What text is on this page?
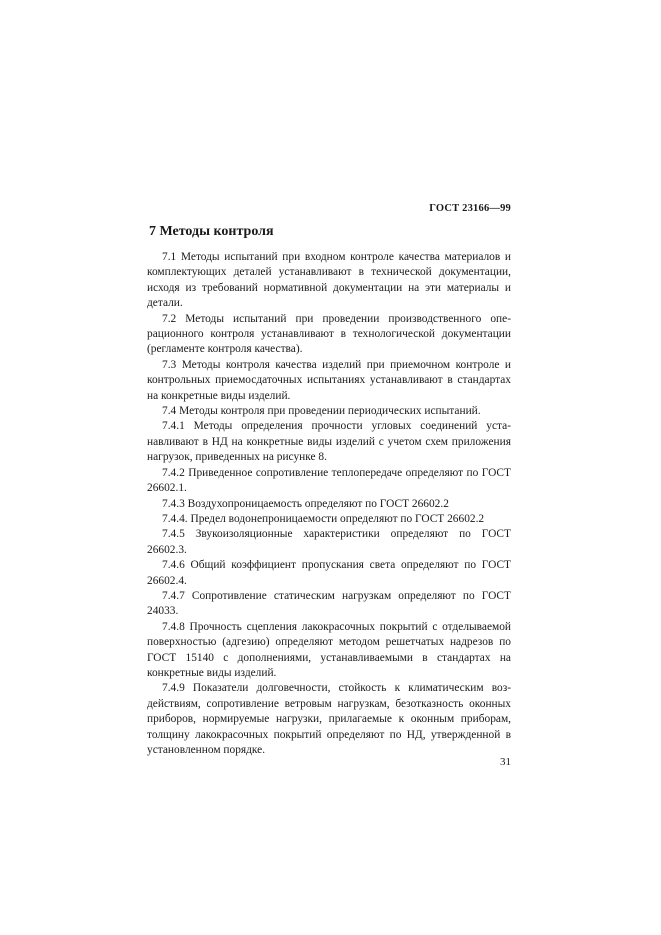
ГОСТ 23166—99
7 Методы контроля

7.1 Методы испытаний при входном контроле качества материалов и комплектующих деталей устанавливают в технической документации, исходя из требований нормативной документации на эти материалы и детали.

7.2 Методы испытаний при проведении производственного операционного контроля устанавливают в технологической документации (регламенте контроля качества).

7.3 Методы контроля качества изделий при приемочном контроле и контрольных приемосдаточных испытаниях устанавливают в стандартах на конкретные виды изделий.

7.4 Методы контроля при проведении периодических испытаний.

7.4.1 Методы определения прочности угловых соединений устанавливают в НД на конкретные виды изделий с учетом схем приложения нагрузок, приведенных на рисунке 8.

7.4.2 Приведенное сопротивление теплопередаче определяют по ГОСТ 26602.1.

7.4.3 Воздухопроницаемость определяют по ГОСТ 26602.2

7.4.4. Предел водонепроницаемости определяют по ГОСТ 26602.2

7.4.5 Звукоизоляционные характеристики определяют по ГОСТ 26602.3.

7.4.6 Общий коэффициент пропускания света определяют по ГОСТ 26602.4.

7.4.7 Сопротивление статическим нагрузкам определяют по ГОСТ 24033.

7.4.8 Прочность сцепления лакокрасочных покрытий с отделываемой поверхностью (адгезию) определяют методом решетчатых надрезов по ГОСТ 15140 с дополнениями, устанавливаемыми в стандартах на конкретные виды изделий.

7.4.9 Показатели долговечности, стойкость к климатическим воздействиям, сопротивление ветровым нагрузкам, безотказность оконных приборов, нормируемые нагрузки, прилагаемые к оконным приборам, толщину лакокрасочных покрытий определяют по НД, утвержденной в установленном порядке.

31
